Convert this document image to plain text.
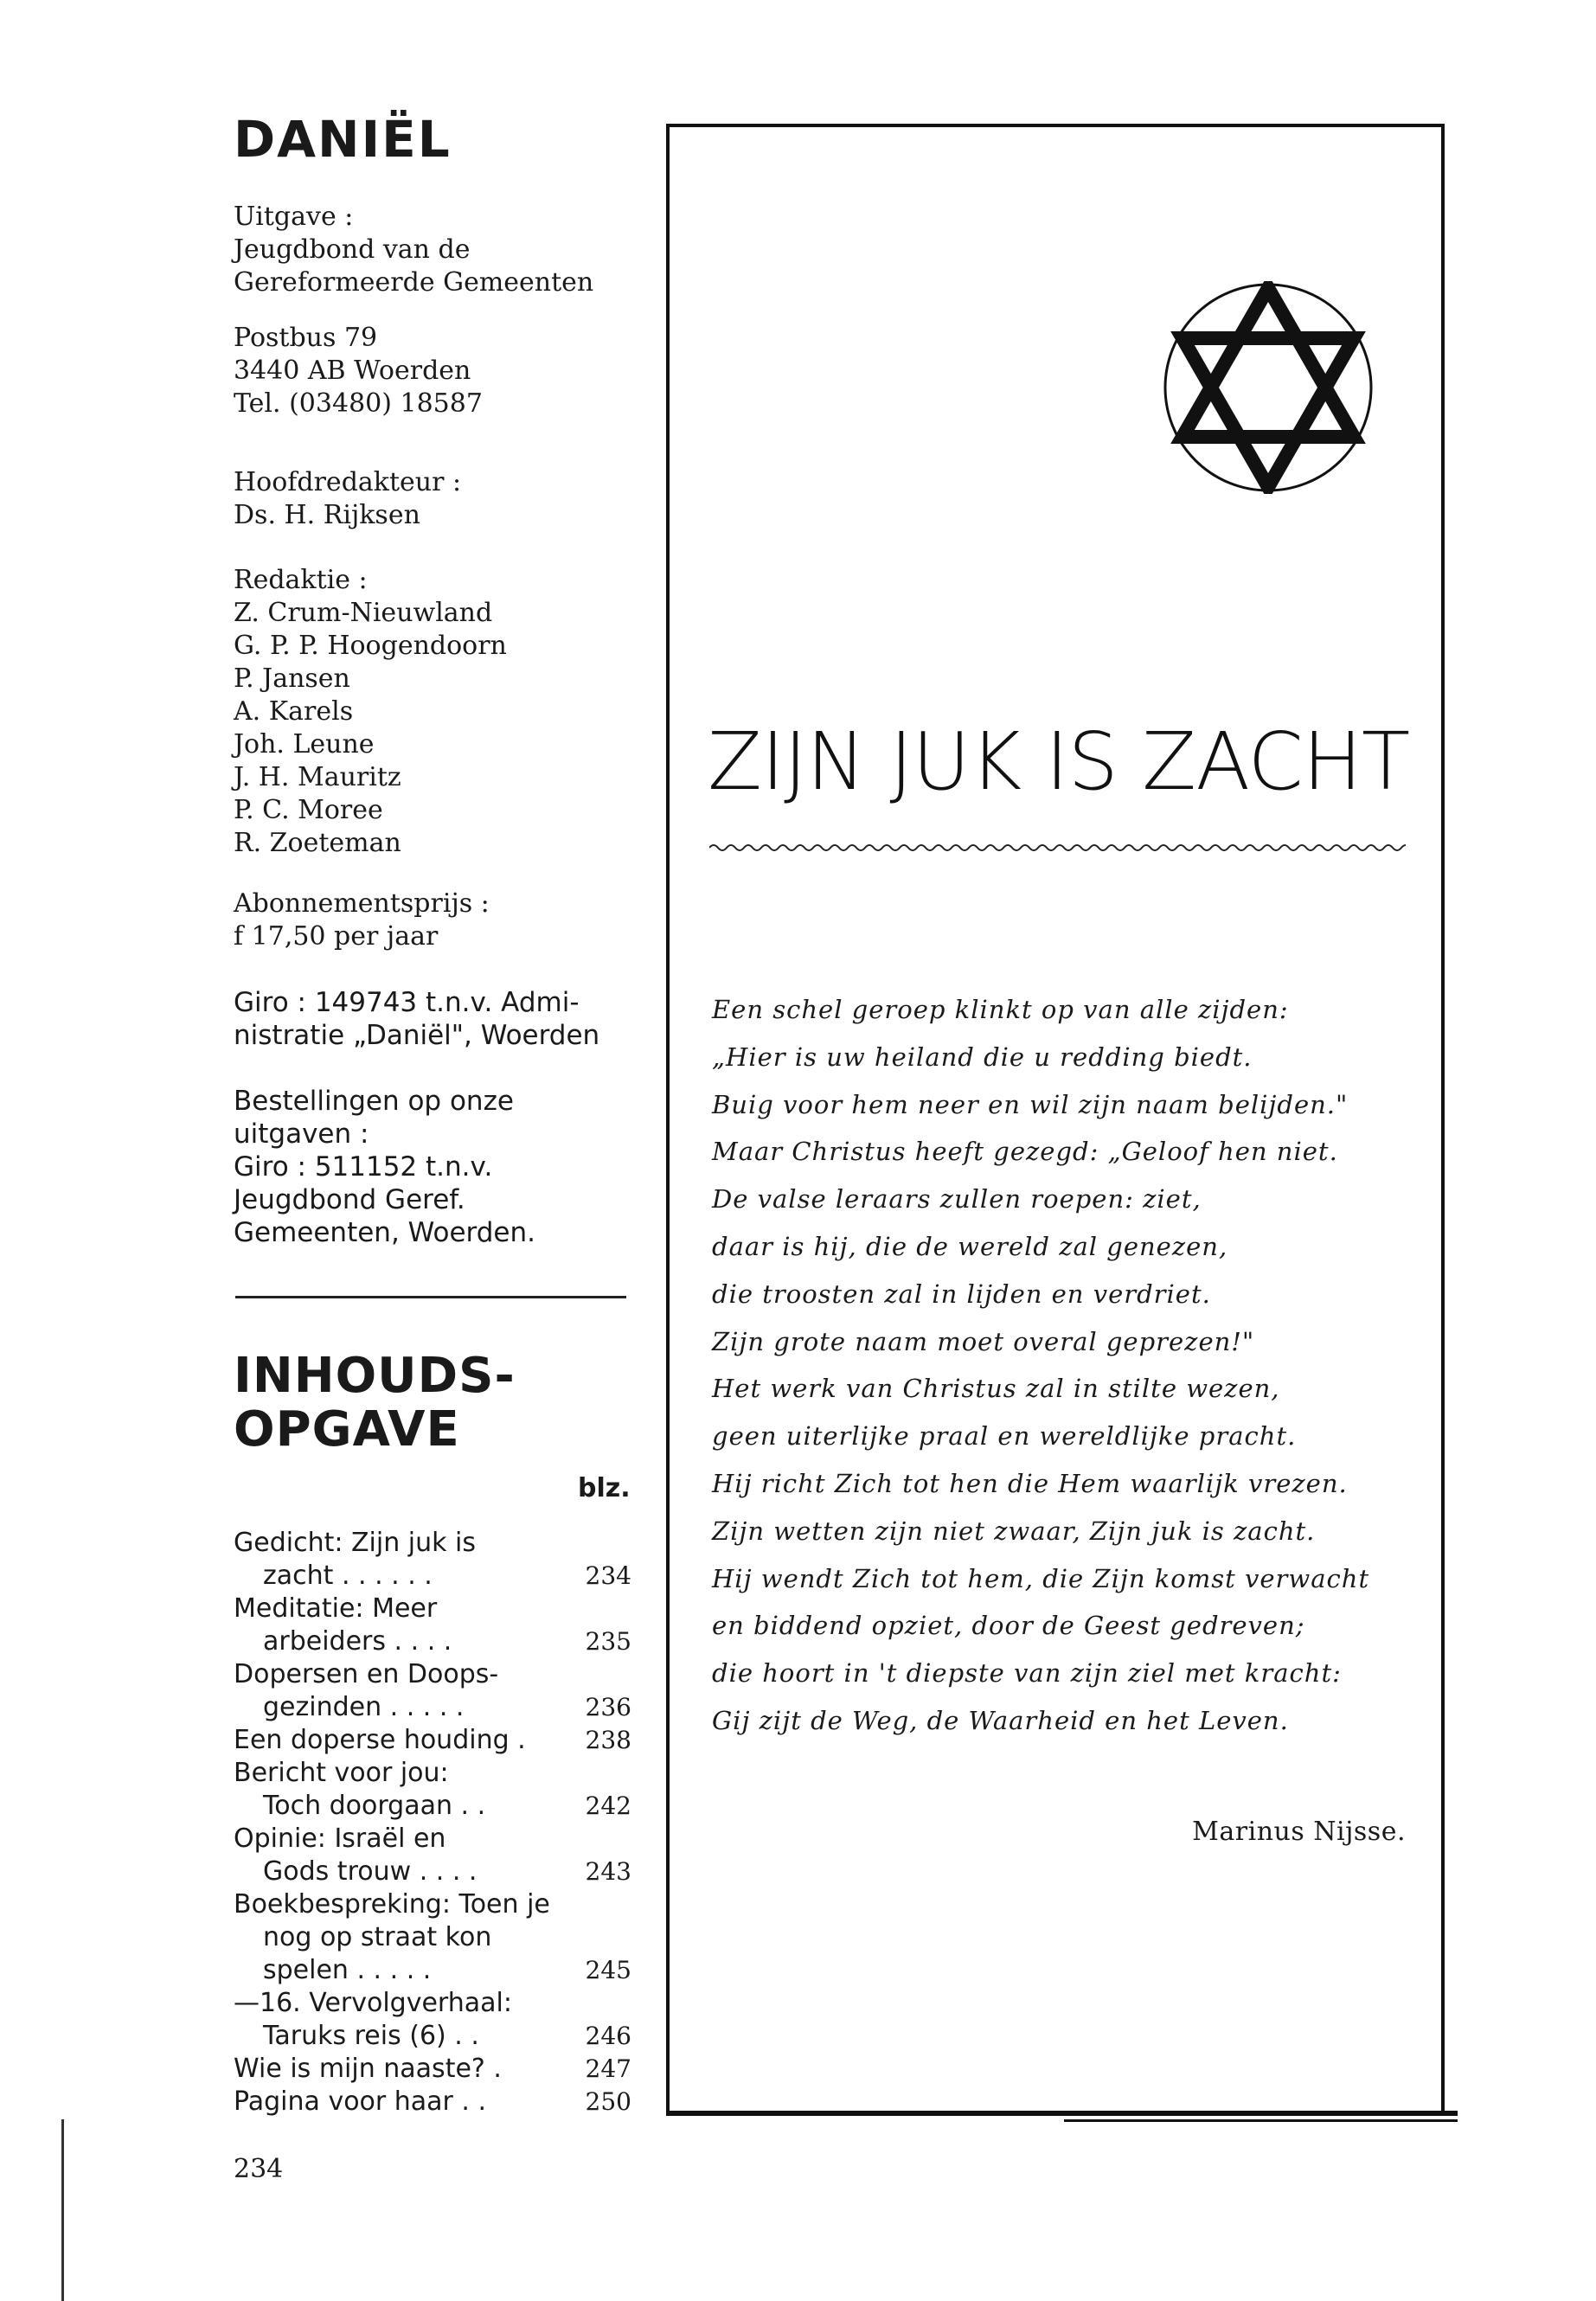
DANIËL

Uitgave :
Jeugdbond van de
Gereformeerde Gemeenten

Postbus 79
3440 AB Woerden
Tel. (03480) 18587

Hoofdredakteur :
Ds. H. Rijksen

Redaktie :
Z. Crum-Nieuwland
G. P. P. Hoogendoorn
P. Jansen
A. Karels
Joh. Leune
J. H. Mauritz
P. C. Moree
R. Zoeteman

Abonnementsprijs :
f 17,50 per jaar

Giro : 149743 t.n.v. Admi-
nistratie „Daniël", Woerden

Bestellingen op onze
uitgaven :
Giro : 511152 t.n.v.
Jeugdbond Geref.
Gemeenten, Woerden.

INHOUDS-
OPGAVE
blz.
Gedicht: Zijn juk is
zacht . . . . . .	234
Meditatie: Meer
arbeiders . . . .	235
Dopersen en Doops-
gezinden . . . . .	236
Een doperse houding . 238
Bericht voor jou:
Toch doorgaan . .	242
Opinie: Israël en
Gods trouw . . . .	243
Boekbespreking: Toen je
nog op straat kon
spelen . . . . .	245
—16. Vervolgverhaal:
Taruks reis (6) . .	246
Wie is mijn naaste? .	247
Pagina voor haar . .	250
234
ZIJN JUK IS ZACHT
Een schel geroep klinkt op van alle zijden:
„Hier is uw heiland die u redding biedt.
Buig voor hem neer en wil zijn naam belijden."
Maar Christus heeft gezegd: „Geloof hen niet.
De valse leraars zullen roepen: ziet,
daar is hij, die de wereld zal genezen,
die troosten zal in lijden en verdriet.
Zijn grote naam moet overal geprezen!"
Het werk van Christus zal in stilte wezen,
geen uiterlijke praal en wereldlijke pracht.
Hij richt Zich tot hen die Hem waarlijk vrezen.
Zijn wetten zijn niet zwaar, Zijn juk is zacht.
Hij wendt Zich tot hem, die Zijn komst verwacht
en biddend opziet, door de Geest gedreven;
die hoort in 't diepste van zijn ziel met kracht:
Gij zijt de Weg, de Waarheid en het Leven.
Marinus Nijsse.
